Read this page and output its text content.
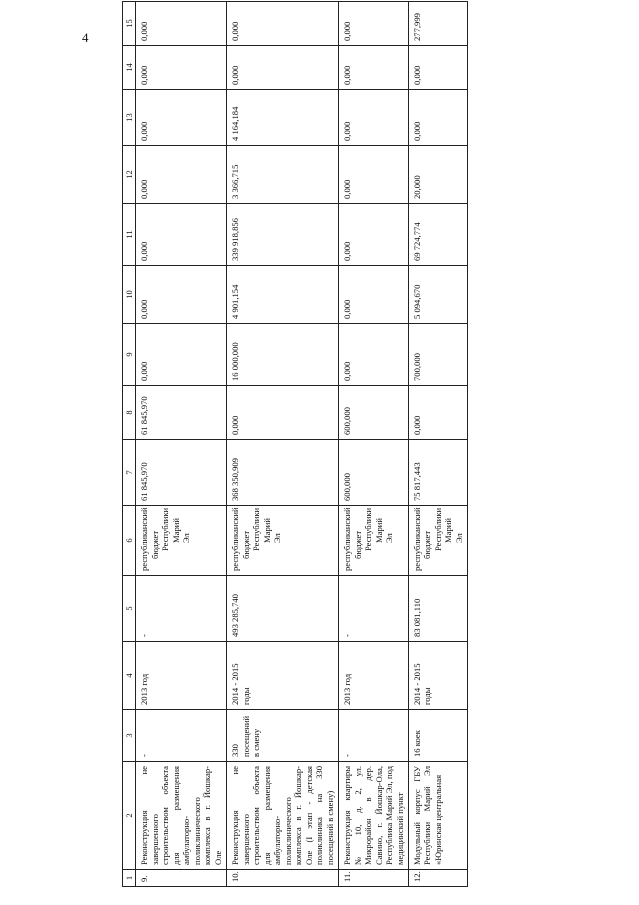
4
1	2	3	4	5	6	7	8	9	10	11	12	13	14	15
9.	Реконструкция не завершенного строительством объекта для размещения амбулаторно-поликлинического комплекса в г. Йошкар-Оле	-	2013 год	-	республиканский бюджет Республики Марий Эл	61 845,970	61 845,970	0,000	0,000	0,000	0,000	0,000	0,000	0,000
10.	Реконструкция не завершенного строительством объекта для размещения амбулаторно-поликлинического комплекса в г. Йошкар-Оле (I этап - детская поликлиника на 330 посещений в смену)	330 посещений в смену	2014 - 2015 годы	493 285,740	республиканский бюджет Республики Марий Эл	368 350,909	0,000	16 000,000	4 901,154	339 918,856	3 366,715	4 164,184	0,000	0,000
11.	Реконструкция квартиры № 10, д. 2, ул. Микрорайон в дер. Савино, г. Йошкар-Ола, Республика Марий Эл, под медицинский пункт	-	2013 год	-	республиканский бюджет Республики Марий Эл	600,000	600,000	0,000	0,000	0,000	0,000	0,000	0,000	0,000
12.	Модульный корпус ГБУ Республики Марий Эл «Юринская центральная	16 коек	2014 - 2015 годы	83 081,110	республиканский бюджет Республики Марий Эл	75 817,443	0,000	700,000	5 094,670	69 724,774	20,000	0,000	0,000	277,999
